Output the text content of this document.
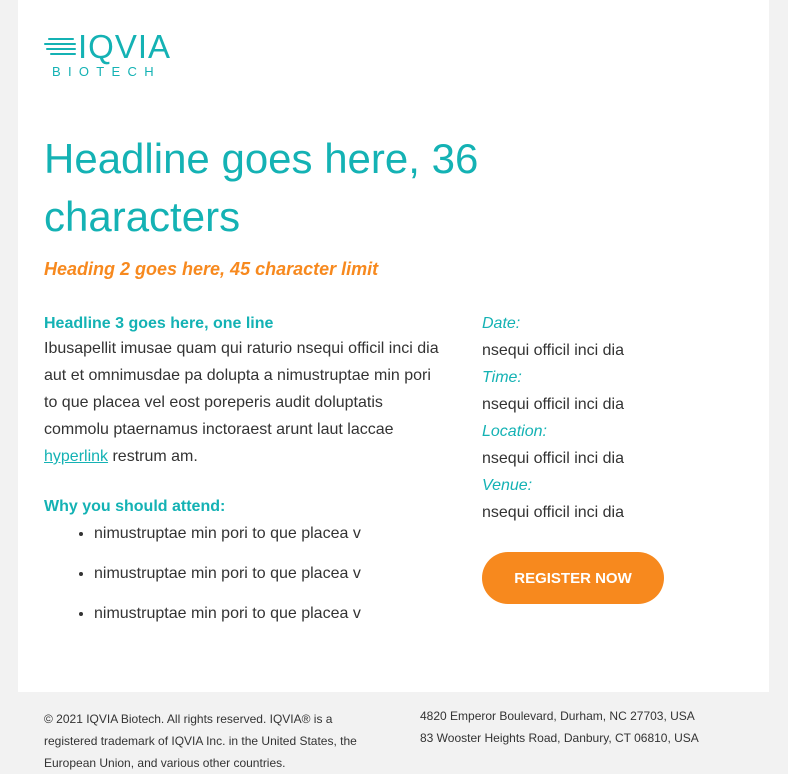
IQVIA
BIOTECH
Headline goes here, 36 characters
Heading 2 goes here, 45 character limit

Headline 3 goes here, one line

Ibusapellit imusae quam qui raturio nsequi officil inci dia aut et omnimusdae pa dolupta a nimustruptae min pori to que placea vel eost poreperis audit doluptatis commolu ptaernamus inctoraest arunt laut laccae hyperlink restrum am.

Why you should attend:
• nimustruptae min pori to que placea v
• nimustruptae min pori to que placea v
• nimustruptae min pori to que placea v
Date:
nsequi officil inci dia
Time:
nsequi officil inci dia
Location:
nsequi officil inci dia
Venue:
nsequi officil inci dia
REGISTER NOW
© 2021 IQVIA Biotech. All rights reserved. IQVIA® is a
registered trademark of IQVIA Inc. in the United States, the
European Union, and various other countries.
4820 Emperor Boulevard, Durham, NC 27703, USA
83 Wooster Heights Road, Danbury, CT 06810, USA
